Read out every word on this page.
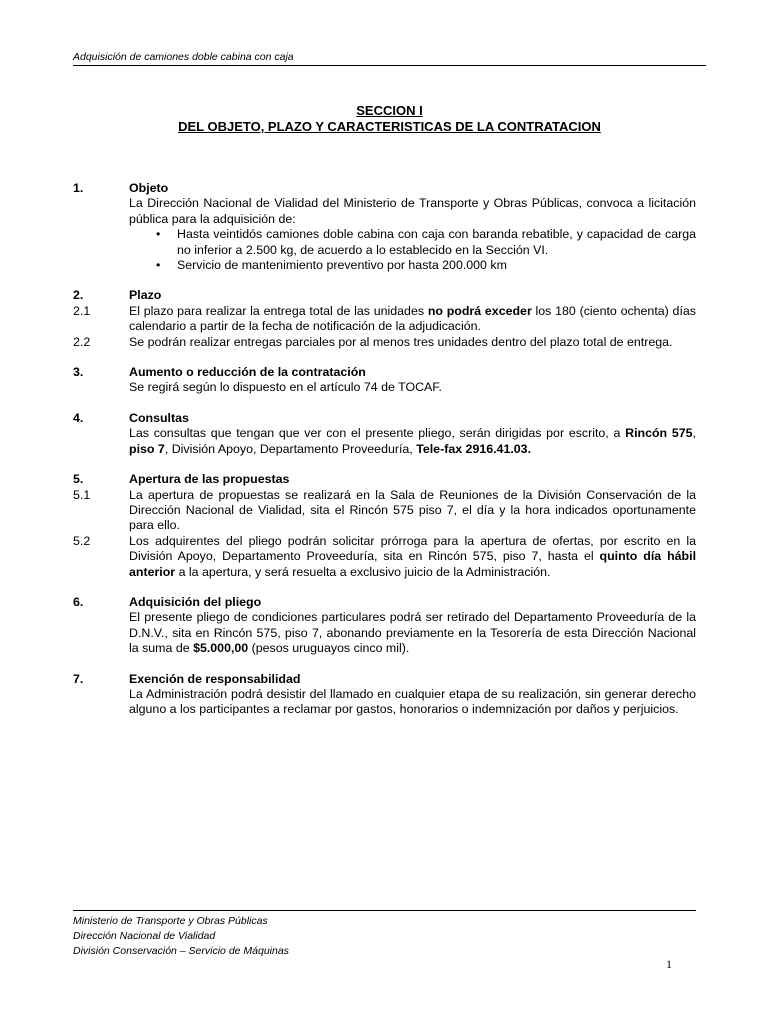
Adquisición de camiones doble cabina con caja
SECCION I
DEL OBJETO, PLAZO Y CARACTERISTICAS DE LA CONTRATACION
1.	Objeto
La Dirección Nacional de Vialidad del Ministerio de Transporte y Obras Públicas, convoca a licitación pública para la adquisición de:
• Hasta veintidós camiones doble cabina con caja con baranda rebatible, y capacidad de carga no inferior a 2.500 kg, de acuerdo a lo establecido en la Sección VI.
• Servicio de mantenimiento preventivo por hasta 200.000 km
2.	Plazo
2.1	El plazo para realizar la entrega total de las unidades no podrá exceder los 180 (ciento ochenta) días calendario a partir de la fecha de notificación de la adjudicación.
2.2	Se podrán realizar entregas parciales por al menos tres unidades dentro del plazo total de entrega.
3.	Aumento o reducción de la contratación
Se regirá según lo dispuesto en el artículo 74 de TOCAF.
4.	Consultas
Las consultas que tengan que ver con el presente pliego, serán dirigidas por escrito, a Rincón 575, piso 7, División Apoyo, Departamento Proveeduría, Tele-fax 2916.41.03.
5.	Apertura de las propuestas
5.1	La apertura de propuestas se realizará en la Sala de Reuniones de la División Conservación de la Dirección Nacional de Vialidad, sita el Rincón 575 piso 7, el día y la hora indicados oportunamente para ello.
5.2	Los adquirentes del pliego podrán solicitar prórroga para la apertura de ofertas, por escrito en la División Apoyo, Departamento Proveeduría, sita en Rincón 575, piso 7, hasta el quinto día hábil anterior a la apertura, y será resuelta a exclusivo juicio de la Administración.
6.	Adquisición del pliego
El presente pliego de condiciones particulares podrá ser retirado del Departamento Proveeduría de la D.N.V., sita en Rincón 575, piso 7, abonando previamente en la Tesorería de esta Dirección Nacional la suma de $5.000,00 (pesos uruguayos cinco mil).
7.	Exención de responsabilidad
La Administración podrá desistir del llamado en cualquier etapa de su realización, sin generar derecho alguno a los participantes a reclamar por gastos, honorarios o indemnización por daños y perjuicios.
Ministerio de Transporte y Obras Públicas
Dirección Nacional de Vialidad
División Conservación – Servicio de Máquinas
1
